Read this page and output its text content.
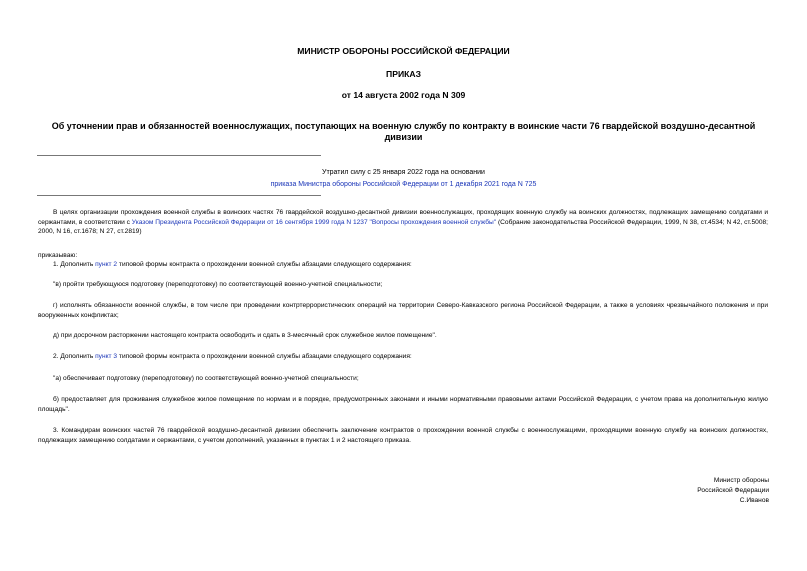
МИНИСТР ОБОРОНЫ РОССИЙСКОЙ ФЕДЕРАЦИИ
ПРИКАЗ
от 14 августа 2002 года N 309
Об уточнении прав и обязанностей военнослужащих, поступающих на военную службу по контракту в воинские части 76 гвардейской воздушно-десантной дивизии
Утратил силу с 25 января 2022 года на основании
приказа Министра обороны Российской Федерации от 1 декабря 2021 года N 725

В целях организации прохождения военной службы в воинских частях 76 гвардейской воздушно-десантной дивизии военнослужащих, проходящих военную службу на воинских должностях, подлежащих замещению солдатами и сержантами, в соответствии с Указом Президента Российской Федерации от 16 сентября 1999 года N 1237 "Вопросы прохождения военной службы" (Собрание законодательства Российской Федерации, 1999, N 38, ст.4534; N 42, ст.5008; 2000, N 16, ст.1678; N 27, ст.2819)

приказываю:

1. Дополнить пункт 2 типовой формы контракта о прохождении военной службы абзацами следующего содержания:

"в) пройти требующуюся подготовку (переподготовку) по соответствующей военно-учетной специальности;

г) исполнять обязанности военной службы, в том числе при проведении контртеррористических операций на территории Северо-Кавказского региона Российской Федерации, а также в условиях чрезвычайного положения и при вооруженных конфликтах;

д) при досрочном расторжении настоящего контракта освободить и сдать в 3-месячный срок служебное жилое помещение".

2. Дополнить пункт 3 типовой формы контракта о прохождении военной службы абзацами следующего содержания:

"а) обеспечивает подготовку (переподготовку) по соответствующей военно-учетной специальности;

б) предоставляет для проживания служебное жилое помещение по нормам и в порядке, предусмотренных законами и иными нормативными правовыми актами Российской Федерации, с учетом права на дополнительную жилую площадь".

3. Командирам воинских частей 76 гвардейской воздушно-десантной дивизии обеспечить заключение контрактов о прохождении военной службы с военнослужащими, проходящими военную службу на воинских должностях, подлежащих замещению солдатами и сержантами, с учетом дополнений, указанных в пунктах 1 и 2 настоящего приказа.

Министр обороны
Российской Федерации
С.Иванов
